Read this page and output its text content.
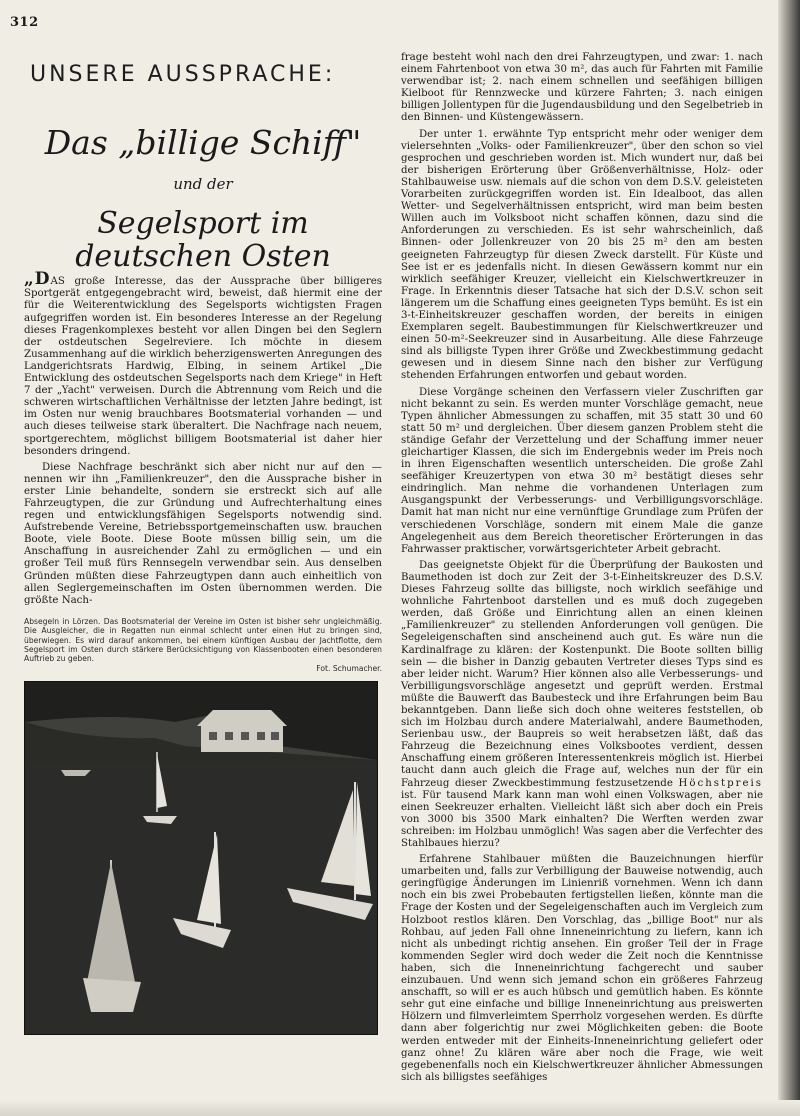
312
UNSERE AUSSPRACHE:
Das „billige Schiff"
und der
Segelsport im deutschen Osten

„DAS große Interesse, das der Aussprache über billigeres Sportgerät entgegengebracht wird, beweist, daß hiermit eine der für die Weiterentwicklung des Segelsports wichtigsten Fragen aufgegriffen worden ist. Ein besonderes Interesse an der Regelung dieses Fragenkomplexes besteht vor allen Dingen bei den Seglern der ostdeutschen Segelreviere. Ich möchte in diesem Zusammenhang auf die wirklich beherzigenswerten Anregungen des Landgerichtsrats Hardwig, Elbing, in seinem Artikel „Die Entwicklung des ostdeutschen Segelsports nach dem Kriege" in Heft 7 der „Yacht" verweisen. Durch die Abtrennung vom Reich und die schweren wirtschaftlichen Verhältnisse der letzten Jahre bedingt, ist im Osten nur wenig brauchbares Bootsmaterial vorhanden — und auch dieses teilweise stark überaltert. Die Nachfrage nach neuem, sportgerechtem, möglichst billigem Bootsmaterial ist daher hier besonders dringend.

Diese Nachfrage beschränkt sich aber nicht nur auf den — nennen wir ihn „Familienkreuzer", den die Aussprache bisher in erster Linie behandelte, sondern sie erstreckt sich auf alle Fahrzeugtypen, die zur Gründung und Aufrechterhaltung eines regen und entwicklungsfähigen Segelsports notwendig sind. Aufstrebende Vereine, Betriebssportgemeinschaften usw. brauchen Boote, viele Boote. Diese Boote müssen billig sein, um die Anschaffung in ausreichender Zahl zu ermöglichen — und ein großer Teil muß fürs Rennsegeln verwendbar sein. Aus denselben Gründen müßten diese Fahrzeugtypen dann auch einheitlich von allen Seglergemeinschaften im Osten übernommen werden. Die größte Nach-

Absegeln in Lörzen. Das Bootsmaterial der Vereine im Osten ist bisher sehr ungleichmäßig. Die Ausgleicher, die in Regatten nun einmal schlecht unter einen Hut zu bringen sind, überwiegen. Es wird darauf ankommen, bei einem künftigen Ausbau der Jachtflotte, dem Segelsport im Osten durch stärkere Berücksichtigung von Klassenbooten einen besonderen Auftrieb zu geben.
Fot. Schumacher.

frage besteht wohl nach den drei Fahrzeugtypen, und zwar: 1. nach einem Fahrtenboot von etwa 30 m², das auch für Fahrten mit Familie verwendbar ist; 2. nach einem schnellen und seefähigen billigen Kielboot für Rennzwecke und kürzere Fahrten; 3. nach einigen billigen Jollentypen für die Jugendausbildung und den Segelbetrieb in den Binnen- und Küstengewässern.

Der unter 1. erwähnte Typ entspricht mehr oder weniger dem vielersehnten „Volks- oder Familienkreuzer", über den schon so viel gesprochen und geschrieben worden ist. Mich wundert nur, daß bei der bisherigen Erörterung über Größenverhältnisse, Holz- oder Stahlbauweise usw. niemals auf die schon von dem D.S.V. geleisteten Vorarbeiten zurückgegriffen worden ist. Ein Idealboot, das allen Wetter- und Segelverhältnissen entspricht, wird man beim besten Willen auch im Volksboot nicht schaffen können, dazu sind die Anforderungen zu verschieden. Es ist sehr wahrscheinlich, daß Binnen- oder Jollenkreuzer von 20 bis 25 m² den am besten geeigneten Fahrzeugtyp für diesen Zweck darstellt. Für Küste und See ist er es jedenfalls nicht. In diesen Gewässern kommt nur ein wirklich seefähiger Kreuzer, vielleicht ein Kielschwertkreuzer in Frage. In Erkenntnis dieser Tatsache hat sich der D.S.V. schon seit längerem um die Schaffung eines geeigneten Typs bemüht. Es ist ein 3-t-Einheitskreuzer geschaffen worden, der bereits in einigen Exemplaren segelt. Baubestimmungen für Kielschwertkreuzer und einen 50-m²-Seekreuzer sind in Ausarbeitung. Alle diese Fahrzeuge sind als billigste Typen ihrer Größe und Zweckbestimmung gedacht gewesen und in diesem Sinne nach den bisher zur Verfügung stehenden Erfahrungen entworfen und gebaut worden.

Diese Vorgänge scheinen den Verfassern vieler Zuschriften gar nicht bekannt zu sein. Es werden munter Vorschläge gemacht, neue Typen ähnlicher Abmessungen zu schaffen, mit 35 statt 30 und 60 statt 50 m² und dergleichen. Über diesem ganzen Problem steht die ständige Gefahr der Verzettelung und der Schaffung immer neuer gleichartiger Klassen, die sich im Endergebnis weder im Preis noch in ihren Eigenschaften wesentlich unterscheiden. Die große Zahl seefähiger Kreuzertypen von etwa 30 m² bestätigt dieses sehr eindringlich. Man nehme die vorhandenen Unterlagen zum Ausgangspunkt der Verbesserungs- und Verbilligungsvorschläge. Damit hat man nicht nur eine vernünftige Grundlage zum Prüfen der verschiedenen Vorschläge, sondern mit einem Male die ganze Angelegenheit aus dem Bereich theoretischer Erörterungen in das Fahrwasser praktischer, vorwärtsgerichteter Arbeit gebracht.

Das geeignetste Objekt für die Überprüfung der Baukosten und Baumethoden ist doch zur Zeit der 3-t-Einheitskreuzer des D.S.V. Dieses Fahrzeug sollte das billigste, noch wirklich seefähige und wohnliche Fahrtenboot darstellen und es muß doch zugegeben werden, daß Größe und Einrichtung allen an einen kleinen „Familienkreuzer" zu stellenden Anforderungen voll genügen. Die Segeleigenschaften sind anscheinend auch gut. Es wäre nun die Kardinalfrage zu klären: der Kostenpunkt. Die Boote sollten billig sein — die bisher in Danzig gebauten Vertreter dieses Typs sind es aber leider nicht. Warum? Hier können also alle Verbesserungs- und Verbilligungsvorschläge angesetzt und geprüft werden. Erstmal müßte die Bauwerft das Baubesteck und ihre Erfahrungen beim Bau bekanntgeben. Dann ließe sich doch ohne weiteres feststellen, ob sich im Holzbau durch andere Materialwahl, andere Baumethoden, Serienbau usw., der Baupreis so weit herabsetzen läßt, daß das Fahrzeug die Bezeichnung eines Volksbootes verdient, dessen Anschaffung einem größeren Interessentenkreis möglich ist. Hierbei taucht dann auch gleich die Frage auf, welches nun der für ein Fahrzeug dieser Zweckbestimmung festzusetzende Höchstpreis ist. Für tausend Mark kann man wohl einen Volkswagen, aber nie einen Seekreuzer erhalten. Vielleicht läßt sich aber doch ein Preis von 3000 bis 3500 Mark einhalten? Die Werften werden zwar schreiben: im Holzbau unmöglich! Was sagen aber die Verfechter des Stahlbaues hierzu?

Erfahrene Stahlbauer müßten die Bauzeichnungen hierfür umarbeiten und, falls zur Verbilligung der Bauweise notwendig, auch geringfügige Änderungen im Linienriß vornehmen. Wenn ich dann noch ein bis zwei Probebauten fertigstellen ließen, könnte man die Frage der Kosten und der Segeleigenschaften auch im Vergleich zum Holzboot restlos klären. Den Vorschlag, das „billige Boot" nur als Rohbau, auf jeden Fall ohne Inneneinrichtung zu liefern, kann ich nicht als unbedingt richtig ansehen. Ein großer Teil der in Frage kommenden Segler wird doch weder die Zeit noch die Kenntnisse haben, sich die Inneneinrichtung fachgerecht und sauber einzubauen. Und wenn sich jemand schon ein größeres Fahrzeug anschafft, so will er es auch hübsch und gemütlich haben. Es könnte sehr gut eine einfache und billige Inneneinrichtung aus preiswerten Hölzern und filmverleimtem Sperrholz vorgesehen werden. Es dürfte dann aber folgerichtig nur zwei Möglichkeiten geben: die Boote werden entweder mit der Einheits-Inneneinrichtung geliefert oder ganz ohne! Zu klären wäre aber noch die Frage, wie weit gegebenenfalls noch ein Kielschwertkreuzer ähnlicher Abmessungen sich als billigstes seefähiges
